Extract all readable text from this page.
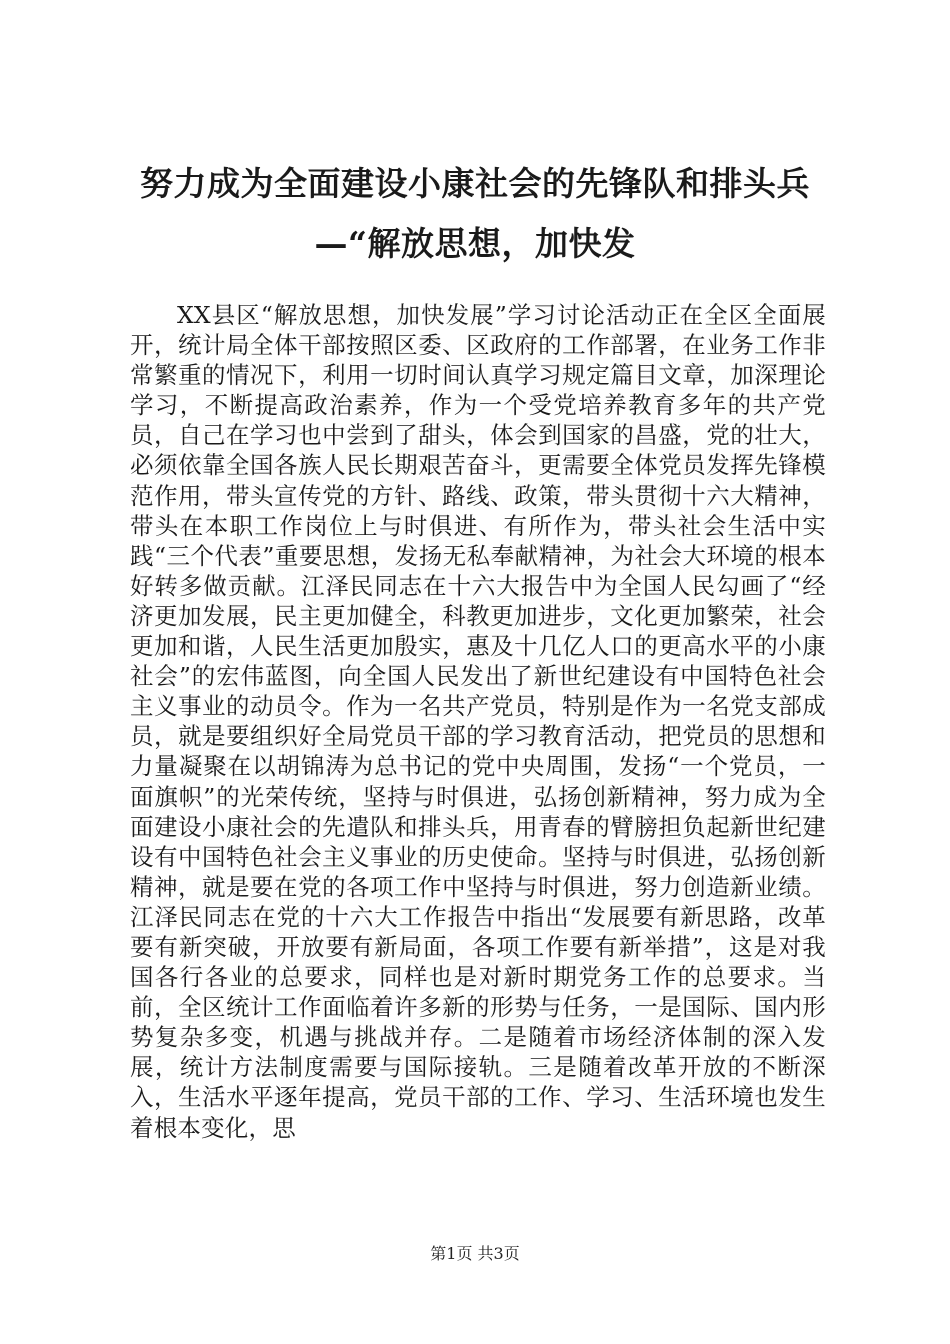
努力成为全面建设小康社会的先锋队和排头兵
—“解放思想，加快发

XX县区“解放思想，加快发展”学习讨论活动正在全区全面展开，统计局全体干部按照区委、区政府的工作部署，在业务工作非常繁重的情况下，利用一切时间认真学习规定篇目文章，加深理论学习，不断提高政治素养，作为一个受党培养教育多年的共产党员，自己在学习也中尝到了甜头，体会到国家的昌盛，党的壮大，必须依靠全国各族人民长期艰苦奋斗，更需要全体党员发挥先锋模范作用，带头宣传党的方针、路线、政策，带头贯彻十六大精神，带头在本职工作岗位上与时俱进、有所作为，带头社会生活中实践“三个代表”重要思想，发扬无私奉献精神，为社会大环境的根本好转多做贡献。江泽民同志在十六大报告中为全国人民勾画了“经济更加发展，民主更加健全，科教更加进步，文化更加繁荣，社会更加和谐，人民生活更加殷实，惠及十几亿人口的更高水平的小康社会”的宏伟蓝图，向全国人民发出了新世纪建设有中国特色社会主义事业的动员令。作为一名共产党员，特别是作为一名党支部成员，就是要组织好全局党员干部的学习教育活动，把党员的思想和力量凝聚在以胡锦涛为总书记的党中央周围，发扬“一个党员，一面旗帜”的光荣传统，坚持与时俱进，弘扬创新精神，努力成为全面建设小康社会的先遣队和排头兵，用青春的臂膀担负起新世纪建设有中国特色社会主义事业的历史使命。坚持与时俱进，弘扬创新精神，就是要在党的各项工作中坚持与时俱进，努力创造新业绩。江泽民同志在党的十六大工作报告中指出“发展要有新思路，改革要有新突破，开放要有新局面，各项工作要有新举措”，这是对我国各行各业的总要求，同样也是对新时期党务工作的总要求。当前，全区统计工作面临着许多新的形势与任务，一是国际、国内形势复杂多变，机遇与挑战并存。二是随着市场经济体制的深入发展，统计方法制度需要与国际接轨。三是随着改革开放的不断深入，生活水平逐年提高，党员干部的工作、学习、生活环境也发生着根本变化，思

第1页 共3页
